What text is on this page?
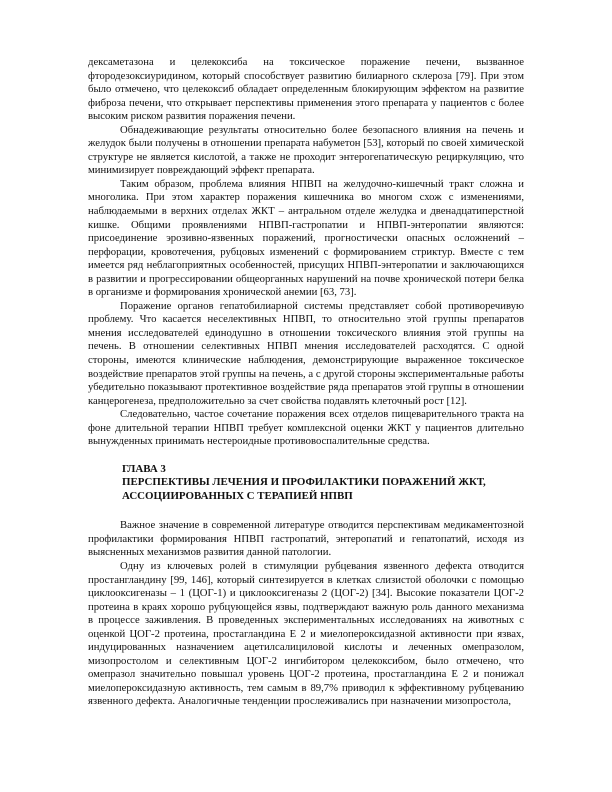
дексаметазона и целекоксиба на токсическое поражение печени, вызванное фтородезоксиуридином, который способствует развитию билиарного склероза [79]. При этом было отмечено, что целекоксиб обладает определенным блокирующим эффектом на развитие фиброза печени, что открывает перспективы применения этого препарата у пациентов с более высоким риском развития поражения печени.

Обнадеживающие результаты относительно более безопасного влияния на печень и желудок были получены в отношении препарата набуметон [53], который по своей химической структуре не является кислотой, а также не проходит энтерогепатическую рециркуляцию, что минимизирует повреждающий эффект препарата.

Таким образом, проблема влияния НПВП на желудочно-кишечный тракт сложна и многолика. При этом характер поражения кишечника во многом схож с изменениями, наблюдаемыми в верхних отделах ЖКТ – антральном отделе желудка и двенадцатиперстной кишке. Общими проявлениями НПВП-гастропатии и НПВП-энтеропатии являются: присоединение эрозивно-язвенных поражений, прогностически опасных осложнений – перфорации, кровотечения, рубцовых изменений с формированием стриктур. Вместе с тем имеется ряд неблагоприятных особенностей, присущих НПВП-энтеропатии и заключающихся в развитии и прогрессировании общеорганных нарушений на почве хронической потери белка в организме и формирования хронической анемии [63, 73].

Поражение органов гепатобилиарной системы представляет собой противоречивую проблему. Что касается неселективных НПВП, то относительно этой группы препаратов мнения исследователей единодушно в отношении токсического влияния этой группы на печень. В отношении селективных НПВП мнения исследователей расходятся. С одной стороны, имеются клинические наблюдения, демонстрирующие выраженное токсическое воздействие препаратов этой группы на печень, а с другой стороны экспериментальные работы убедительно показывают протективное воздействие ряда препаратов этой группы в отношении канцерогенеза, предположительно за счет свойства подавлять клеточный рост [12].

Следовательно, частое сочетание поражения всех отделов пищеварительного тракта на фоне длительной терапии НПВП требует комплексной оценки ЖКТ у пациентов длительно вынужденных принимать нестероидные противовоспалительные средства.

ГЛАВА 3
ПЕРСПЕКТИВЫ ЛЕЧЕНИЯ И ПРОФИЛАКТИКИ ПОРАЖЕНИЙ ЖКТ,
АССОЦИИРОВАННЫХ С ТЕРАПИЕЙ НПВП

Важное значение в современной литературе отводится перспективам медикаментозной профилактики формирования НПВП гастропатий, энтеропатий и гепатопатий, исходя из выясненных механизмов развития данной патологии.

Одну из ключевых ролей в стимуляции рубцевания язвенного дефекта отводится простангландину [99, 146], который синтезируется в клетках слизистой оболочки с помощью циклооксигеназы – 1 (ЦОГ-1) и циклооксигеназы 2 (ЦОГ-2) [34]. Высокие показатели ЦОГ-2 протеина в краях хорошо рубцующейся язвы, подтверждают важную роль данного механизма в процессе заживления. В проведенных экспериментальных исследованиях на животных с оценкой ЦОГ-2 протеина, простагландина Е 2 и миелопероксидазной активности при язвах, индуцированных назначением ацетилсалициловой кислоты и леченных омепразолом, мизопростолом и селективным ЦОГ-2 ингибитором целекоксибом, было отмечено, что омепразол значительно повышал уровень ЦОГ-2 протеина, простагландина Е 2 и понижал миелопероксидазную активность, тем самым в 89,7% приводил к эффективному рубцеванию язвенного дефекта. Аналогичные тенденции прослеживались при назначении мизопростола,
